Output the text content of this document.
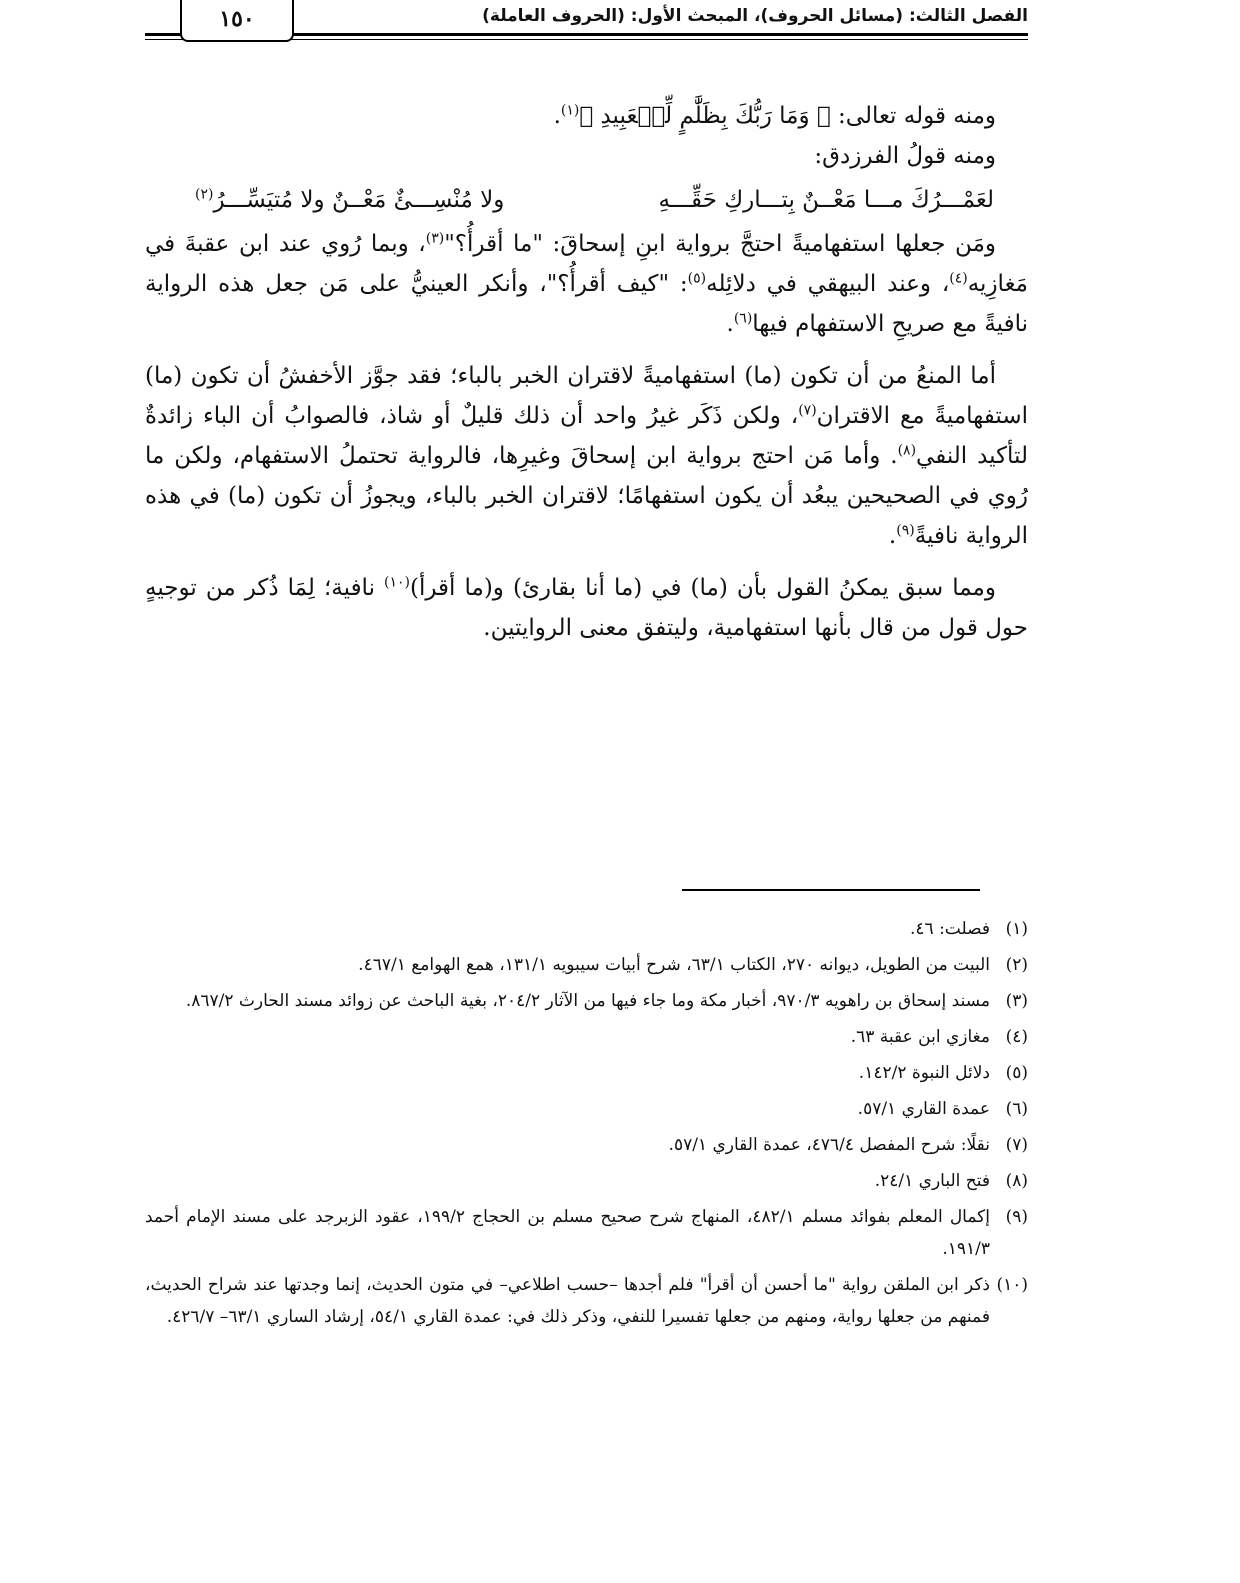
الفصل الثالث: (مسائل الحروف)، المبحث الأول: (الحروف العاملة)
١٥٠

ومنه قوله تعالى: ﴿ وَمَا رَبُّكَ بِظَلَّٰمٍ لِّلۡعَبِيدِ ﴾$^{(١)}$.

ومنه قولُ الفرزدق:

لعَمْـــرُكَ مـــا مَعْــنٌ بِتـــاركِ حَقِّـــهِ
ولا مُنْسِـــئٌ مَعْــنٌ ولا مُتيَسِّـــرُ$^{(٢)}$

ومَن جعلها استفهاميةً احتجَّ برواية ابنِ إسحاقَ: "ما أقرأُ؟"$^{(٣)}$، وبما رُوي عند ابن عقبةَ في مَغازِيه$^{(٤)}$، وعند البيهقي في دلائِله$^{(٥)}$: "كيف أقرأُ؟"، وأنكر العينيُّ على مَن جعل هذه الرواية نافيةً مع صريحِ الاستفهام فيها$^{(٦)}$.

أما المنعُ من أن تكون (ما) استفهاميةً لاقتران الخبر بالباء؛ فقد جوَّز الأخفشُ أن تكون (ما) استفهاميةً مع الاقتران$^{(٧)}$، ولكن ذَكَر غيرُ واحد أن ذلك قليلٌ أو شاذ، فالصوابُ أن الباء زائدةٌ لتأكيد النفي$^{(٨)}$. وأما مَن احتج برواية ابن إسحاقَ وغيرِها، فالرواية تحتملُ الاستفهام، ولكن ما رُوي في الصحيحين يبعُد أن يكون استفهامًا؛ لاقتران الخبر بالباء، ويجوزُ أن تكون (ما) في هذه الرواية نافيةً$^{(٩)}$.

ومما سبق يمكنُ القول بأن (ما) في (ما أنا بقارئ) و(ما أقرأ)$^{(١٠)}$ نافية؛ لِمَا ذُكر من توجيهٍ حول قول من قال بأنها استفهامية، وليتفق معنى الروايتين.

(١)فصلت: ٤٦.

(٢)البيت من الطويل، ديوانه ٢٧٠، الكتاب ٦٣/١، شرح أبيات سيبويه ١٣١/١، همع الهوامع ٤٦٧/١.

(٣)مسند إسحاق بن راهويه ٩٧٠/٣، أخبار مكة وما جاء فيها من الآثار ٢٠٤/٢، بغية الباحث عن زوائد مسند الحارث ٨٦٧/٢.

(٤)مغازي ابن عقبة ٦٣.

(٥)دلائل النبوة ١٤٢/٢.

(٦)عمدة القاري ٥٧/١.

(٧)نقلًا: شرح المفصل ٤٧٦/٤، عمدة القاري ٥٧/١.

(٨)فتح الباري ٢٤/١.

(٩)إكمال المعلم بفوائد مسلم ٤٨٢/١، المنهاج شرح صحيح مسلم بن الحجاج ١٩٩/٢، عقود الزبرجد على مسند الإمام أحمد ١٩١/٣.

(١٠)ذكر ابن الملقن رواية "ما أحسن أن أقرأ" فلم أجدها –حسب اطلاعي– في متون الحديث، إنما وجدتها عند شراح الحديث، فمنهم من جعلها رواية، ومنهم من جعلها تفسيرا للنفي، وذكر ذلك في: عمدة القاري ٥٤/١، إرشاد الساري ٦٣/١– ٤٢٦/٧.
